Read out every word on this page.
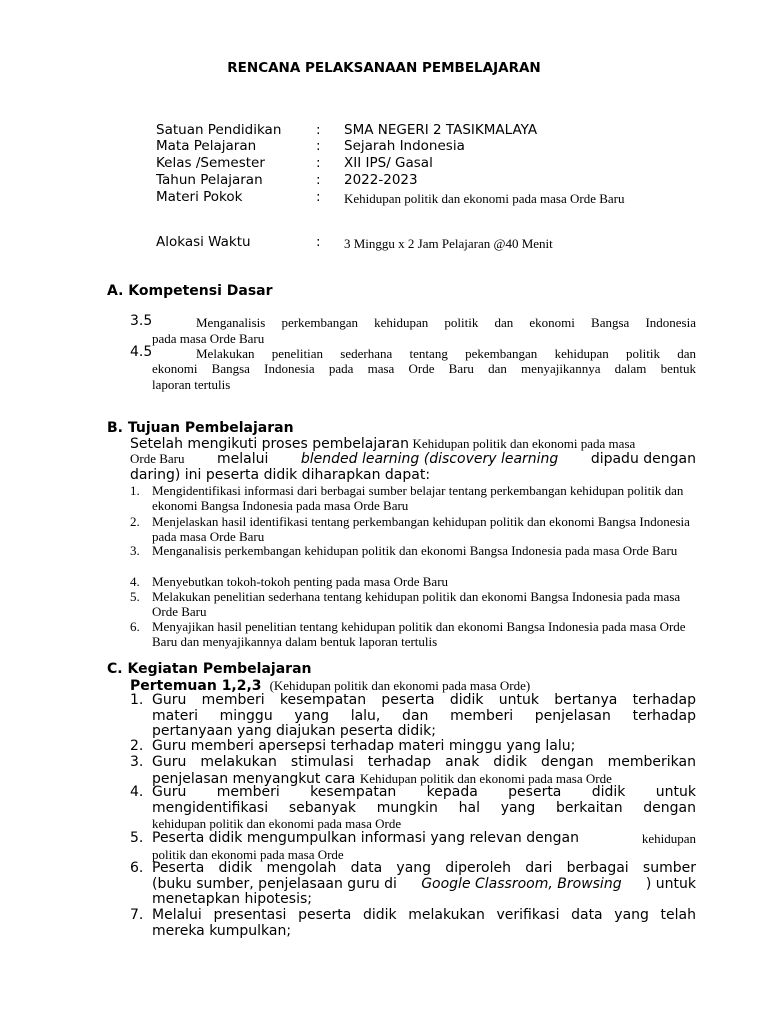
RENCANA PELAKSANAAN PEMBELAJARAN
Satuan Pendidikan	: SMA NEGERI 2 TASIKMALAYA
Mata Pelajaran	: Sejarah Indonesia
Kelas /Semester	: XII IPS/ Gasal
Tahun Pelajaran	: 2022-2023
Materi Pokok	: Kehidupan politik dan ekonomi pada masa Orde Baru
Alokasi Waktu	: 3 Minggu x 2 Jam Pelajaran @40 Menit
A. Kompetensi Dasar
3.5	Menganalisis perkembangan kehidupan politik dan ekonomi Bangsa Indonesia
pada masa Orde Baru
4.5	Melakukan penelitian sederhana tentang pekembangan kehidupan politik dan
ekonomi Bangsa Indonesia pada masa Orde Baru dan menyajikannya dalam bentuk
laporan tertulis
B. Tujuan Pembelajaran
Setelah mengikuti proses pembelajaran Kehidupan politik dan ekonomi pada masa
Orde Baru melalui blended learning (discovery learning dipadu dengan
daring) ini peserta didik diharapkan dapat:
1. Mengidentifikasi informasi dari berbagai sumber belajar tentang perkembangan kehidupan politik dan ekonomi Bangsa Indonesia pada masa Orde Baru
2. Menjelaskan hasil identifikasi tentang perkembangan kehidupan politik dan ekonomi Bangsa Indonesia pada masa Orde Baru
3. Menganalisis perkembangan kehidupan politik dan ekonomi Bangsa Indonesia pada masa Orde Baru
4. Menyebutkan tokoh-tokoh penting pada masa Orde Baru
5. Melakukan penelitian sederhana tentang kehidupan politik dan ekonomi Bangsa Indonesia pada masa Orde Baru
6. Menyajikan hasil penelitian tentang kehidupan politik dan ekonomi Bangsa Indonesia pada masa Orde Baru dan menyajikannya dalam bentuk laporan tertulis
C. Kegiatan Pembelajaran
Pertemuan 1,2,3 (Kehidupan politik dan ekonomi pada masa Orde)
1. Guru memberi kesempatan peserta didik untuk bertanya terhadap
materi minggu yang lalu, dan memberi penjelasan terhadap
pertanyaan yang diajukan peserta didik;
2. Guru memberi apersepsi terhadap materi minggu yang lalu;
3. Guru melakukan stimulasi terhadap anak didik dengan memberikan
penjelasan menyangkut cara Kehidupan politik dan ekonomi pada masa Orde
4. Guru memberi kesempatan kepada peserta didik untuk
mengidentifikasi sebanyak mungkin hal yang berkaitan dengan
kehidupan politik dan ekonomi pada masa Orde
5. Peserta didik mengumpulkan informasi yang relevan dengan	kehidupan
politik dan ekonomi pada masa Orde
6. Peserta didik mengolah data yang diperoleh dari berbagai sumber
(buku sumber, penjelasaan guru di Google Classroom, Browsing ) untuk
menetapkan hipotesis;
7. Melalui presentasi peserta didik melakukan verifikasi data yang telah
mereka kumpulkan;
